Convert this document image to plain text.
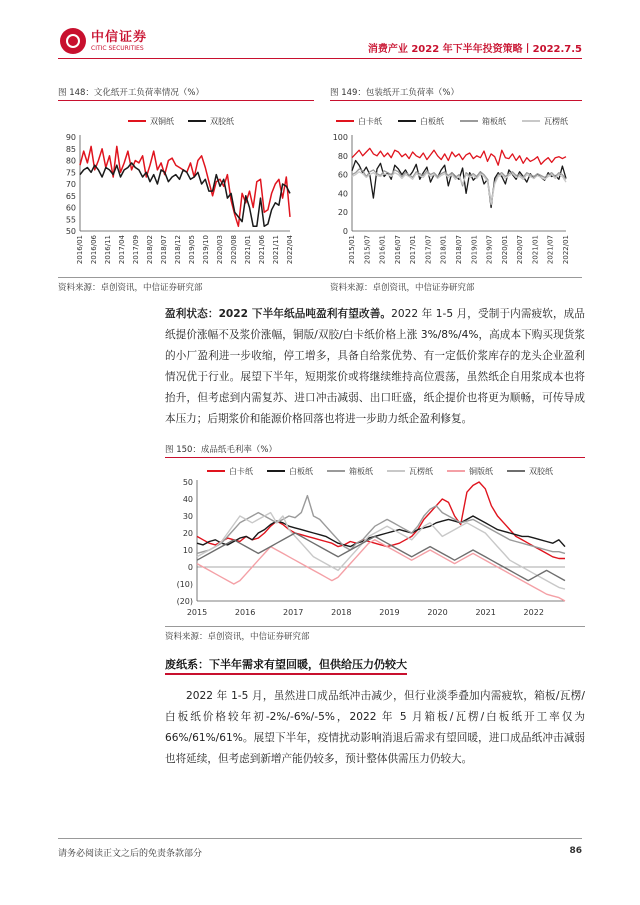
中信证券
CITIC SECURITIES	消费产业 2022 年下半年投资策略丨2022.7.5
图 148：文化纸开工负荷率情况（%）
双铜纸	双胶纸
50
55
60
65
70
75
80
85
90
2016/01 2016/06 2016/11 2017/04 2017/09 2018/02 2018/07 2018/12 2019/05 2019/10 2020/03 2020/08 2021/01 2021/06 2021/11 2022/04
图 149：包装纸开工负荷率（%）
白卡纸	白板纸	箱板纸	瓦楞纸
0
20
40
60
80
100
2015/01 2015/07 2016/01 2016/07 2017/01 2017/07 2018/01 2018/07 2019/01 2019/07 2020/01 2020/07 2021/01 2021/07 2022/01
资料来源：卓创资讯，中信证券研究部	资料来源：卓创资讯，中信证券研究部
盈利状态：2022 下半年纸品吨盈利有望改善。2022 年 1-5 月，受制于内需疲软，成品纸提价涨幅不及浆价涨幅，铜版/双胶/白卡纸价格上涨 3%/8%/4%，高成本下购买现货浆的小厂盈利进一步收缩，停工增多，具备自给浆优势、有一定低价浆库存的龙头企业盈利情况优于行业。展望下半年，短期浆价或将继续维持高位震荡，虽然纸企自用浆成本也将抬升，但考虑到内需复苏、进口冲击减弱、出口旺盛，纸企提价也将更为顺畅，可传导成本压力；后期浆价和能源价格回落也将进一步助力纸企盈利修复。
图 150：成品纸毛利率（%）
白卡纸	白板纸	箱板纸	瓦楞纸	铜版纸	双胶纸
(20)
(10)
0
10
20
30
40
50
2015	2016	2017	2018	2019	2020	2021	2022
资料来源：卓创资讯，中信证券研究部
废纸系：下半年需求有望回暖，但供给压力仍较大
2022 年 1-5 月，虽然进口成品纸冲击减少，但行业淡季叠加内需疲软，箱板/瓦楞/白板纸价格较年初-2%/-6%/-5%，2022 年 5 月箱板/瓦楞/白板纸开工率仅为 66%/61%/61%。展望下半年，疫情扰动影响消退后需求有望回暖，进口成品纸冲击减弱也将延续，但考虑到新增产能仍较多，预计整体供需压力仍较大。
请务必阅读正文之后的免责条款部分	86
